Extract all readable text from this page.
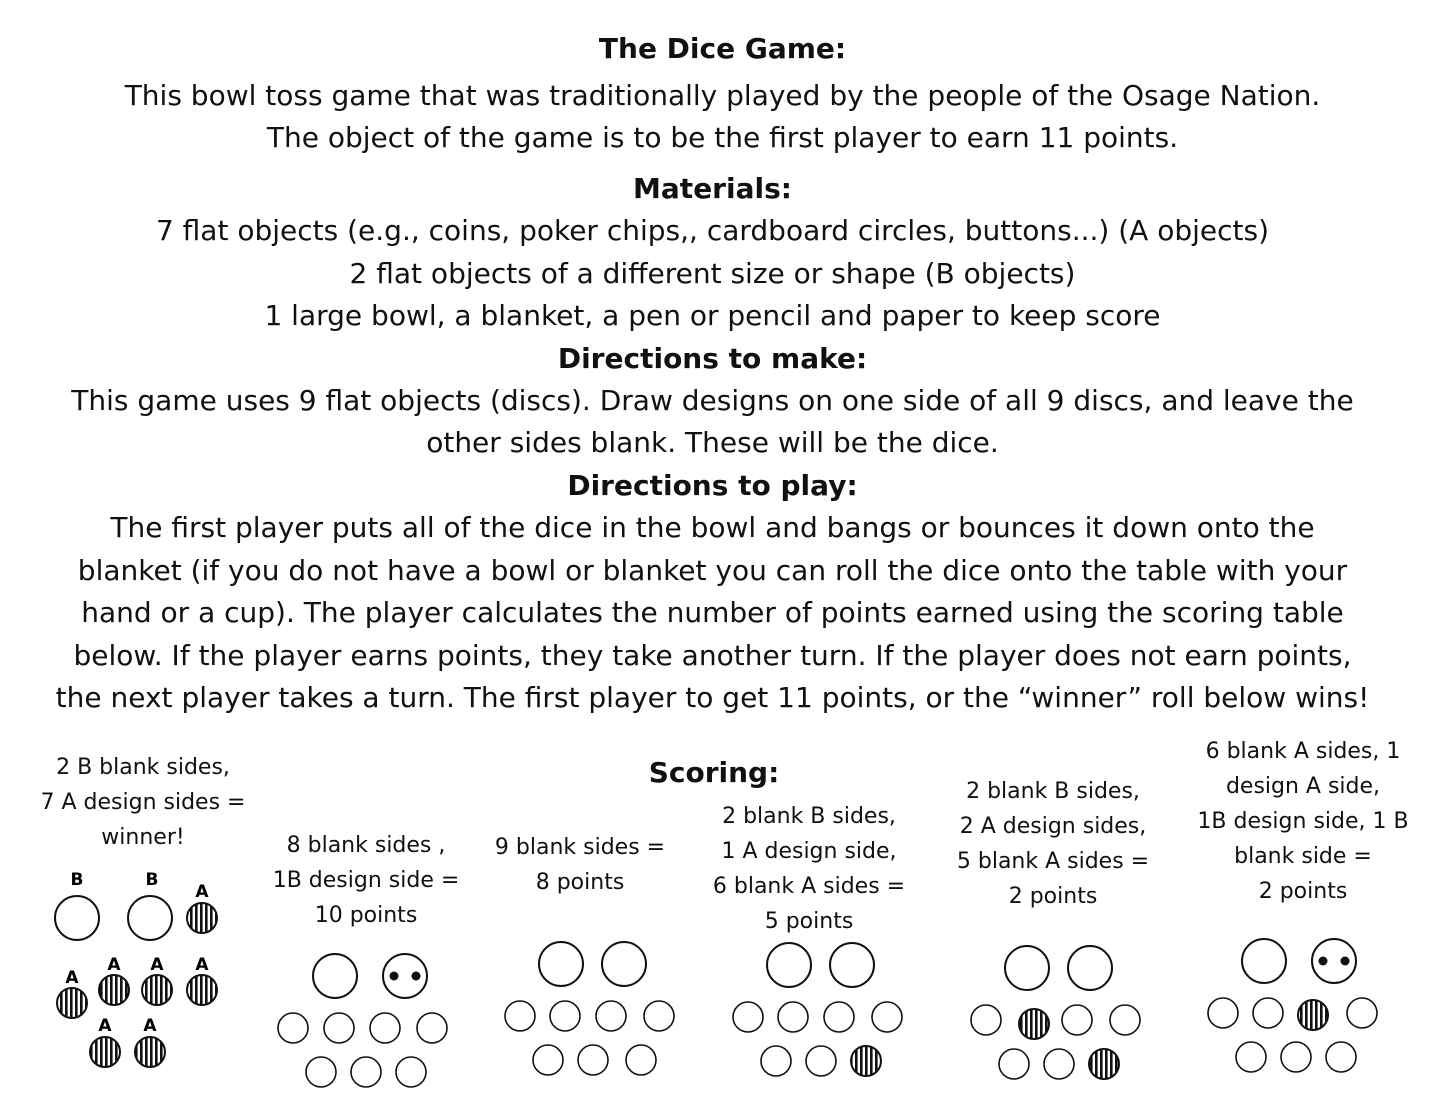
The Dice Game:
This bowl toss game that was traditionally played by the people of the Osage Nation.
The object of the game is to be the first player to earn 11 points.
Materials:
7 flat objects (e.g., coins, poker chips,, cardboard circles, buttons...) (A objects)
2 flat objects of a different size or shape (B objects)
1 large bowl, a blanket, a pen or pencil and paper to keep score
Directions to make:
This game uses 9 flat objects (discs). Draw designs on one side of all 9 discs, and leave the
other sides blank. These will be the dice.
Directions to play:
The first player puts all of the dice in the bowl and bangs or bounces it down onto the
blanket (if you do not have a bowl or blanket you can roll the dice onto the table with your
hand or a cup). The player calculates the number of points earned using the scoring table
below. If the player earns points, they take another turn. If the player does not earn points,
the next player takes a turn. The first player to get 11 points, or the “winner” roll below wins!
Scoring:
2 B blank sides,
7 A design sides =
winner!	8 blank sides ,
1B design side =
10 points
9 blank sides =
8 points
2 blank B sides,
1 A design side,
6 blank A sides =
5 points
2 blank B sides,
2 A design sides,
5 blank A sides =
2 points
6 blank A sides, 1
design A side,
1B design side, 1 B
blank side =
2 points
B	B
A
A
A A A
A A
